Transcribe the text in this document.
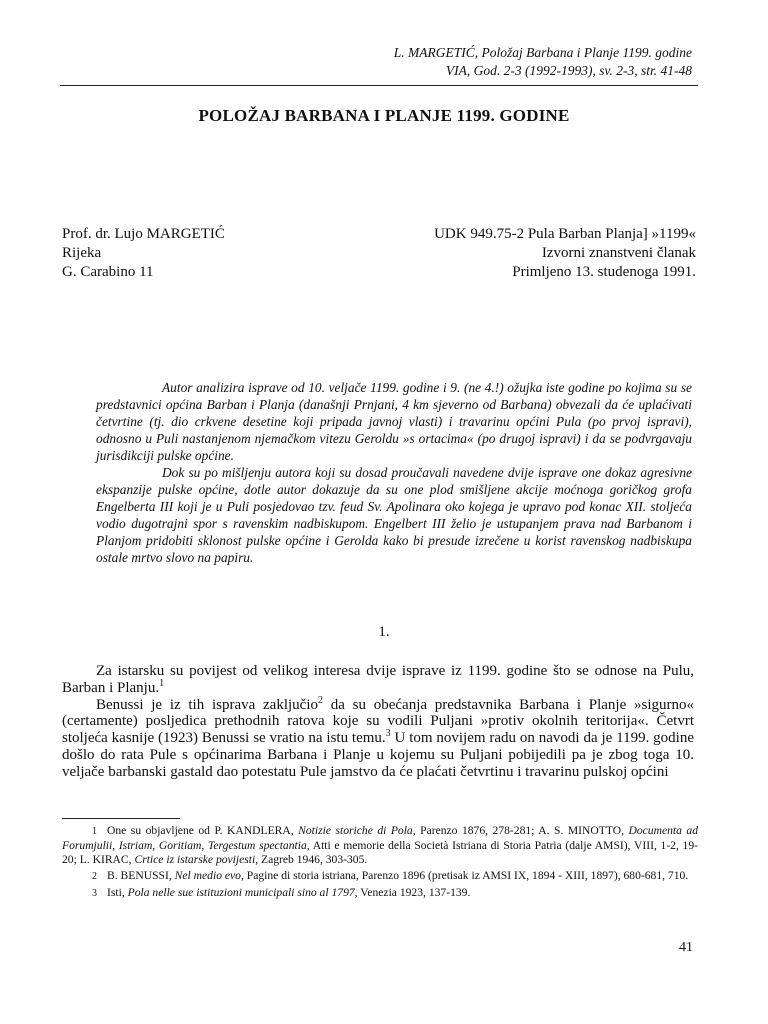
L. MARGETIĆ, Položaj Barbana i Planje 1199. godine
VIA, God. 2-3 (1992-1993), sv. 2-3, str. 41-48
POLOŽAJ BARBANA I PLANJE 1199. GODINE
Prof. dr. Lujo MARGETIĆ
Rijeka
G. Carabino 11
UDK 949.75-2 Pula Barban Planja] »1199«
Izvorni znanstveni članak
Primljeno 13. studenoga 1991.

Autor analizira isprave od 10. veljače 1199. godine i 9. (ne 4.!) ožujka iste godine po kojima su se predstavnici općina Barban i Planja (današnji Prnjani, 4 km sjeverno od Barbana) obvezali da će uplaćivati četvrtine (tj. dio crkvene desetine koji pripada javnoj vlasti) i travarinu općini Pula (po prvoj ispravi), odnosno u Puli nastanjenom njemačkom vitezu Geroldu »s ortacima« (po drugoj ispravi) i da se podvrgavaju jurisdikciji pulske općine.

Dok su po mišljenju autora koji su dosad proučavali navedene dvije isprave one dokaz agresivne ekspanzije pulske općine, dotle autor dokazuje da su one plod smišljene akcije moćnoga goričkog grofa Engelberta III koji je u Puli posjedovao tzv. feud Sv. Apolinara oko kojega je upravo pod konac XII. stoljeća vodio dugotrajni spor s ravenskim nadbiskupom. Engelbert III želio je ustupanjem prava nad Barbanom i Planjom pridobiti sklonost pulske općine i Gerolda kako bi presude izrečene u korist ravenskog nadbiskupa ostale mrtvo slovo na papiru.

1.

Za istarsku su povijest od velikog interesa dvije isprave iz 1199. godine što se odnose na Pulu, Barban i Planju.$^1$

Benussi je iz tih isprava zaključio$^2$ da su obećanja predstavnika Barbana i Planje »sigurno« (certamente) posljedica prethodnih ratova koje su vodili Puljani »protiv okolnih teritorija«. Četvrt stoljeća kasnije (1923) Benussi se vratio na istu temu.$^3$ U tom novijem radu on navodi da je 1199. godine došlo do rata Pule s općinarima Barbana i Planje u kojemu su Puljani pobijedili pa je zbog toga 10. veljače barbanski gastald dao potestatu Pule jamstvo da će plaćati četvrtinu i travarinu pulskoj općini

1 One su objavljene od P. KANDLERA, Notizie storiche di Pola, Parenzo 1876, 278-281; A. S. MINOTTO, Documenta ad Forumjulii, Istriam, Goritiam, Tergestum spectantia, Atti e memorie della Società Istriana di Storia Patria (dalje AMSI), VIII, 1-2, 19-20; L. KIRAC, Crtice iz istarske povijesti, Zagreb 1946, 303-305.

2 B. BENUSSI, Nel medio evo, Pagine di storia istriana, Parenzo 1896 (pretisak iz AMSI IX, 1894 - XIII, 1897), 680-681, 710.

3 Isti, Pola nelle sue istituzioni municipali sino al 1797, Venezia 1923, 137-139.

41
